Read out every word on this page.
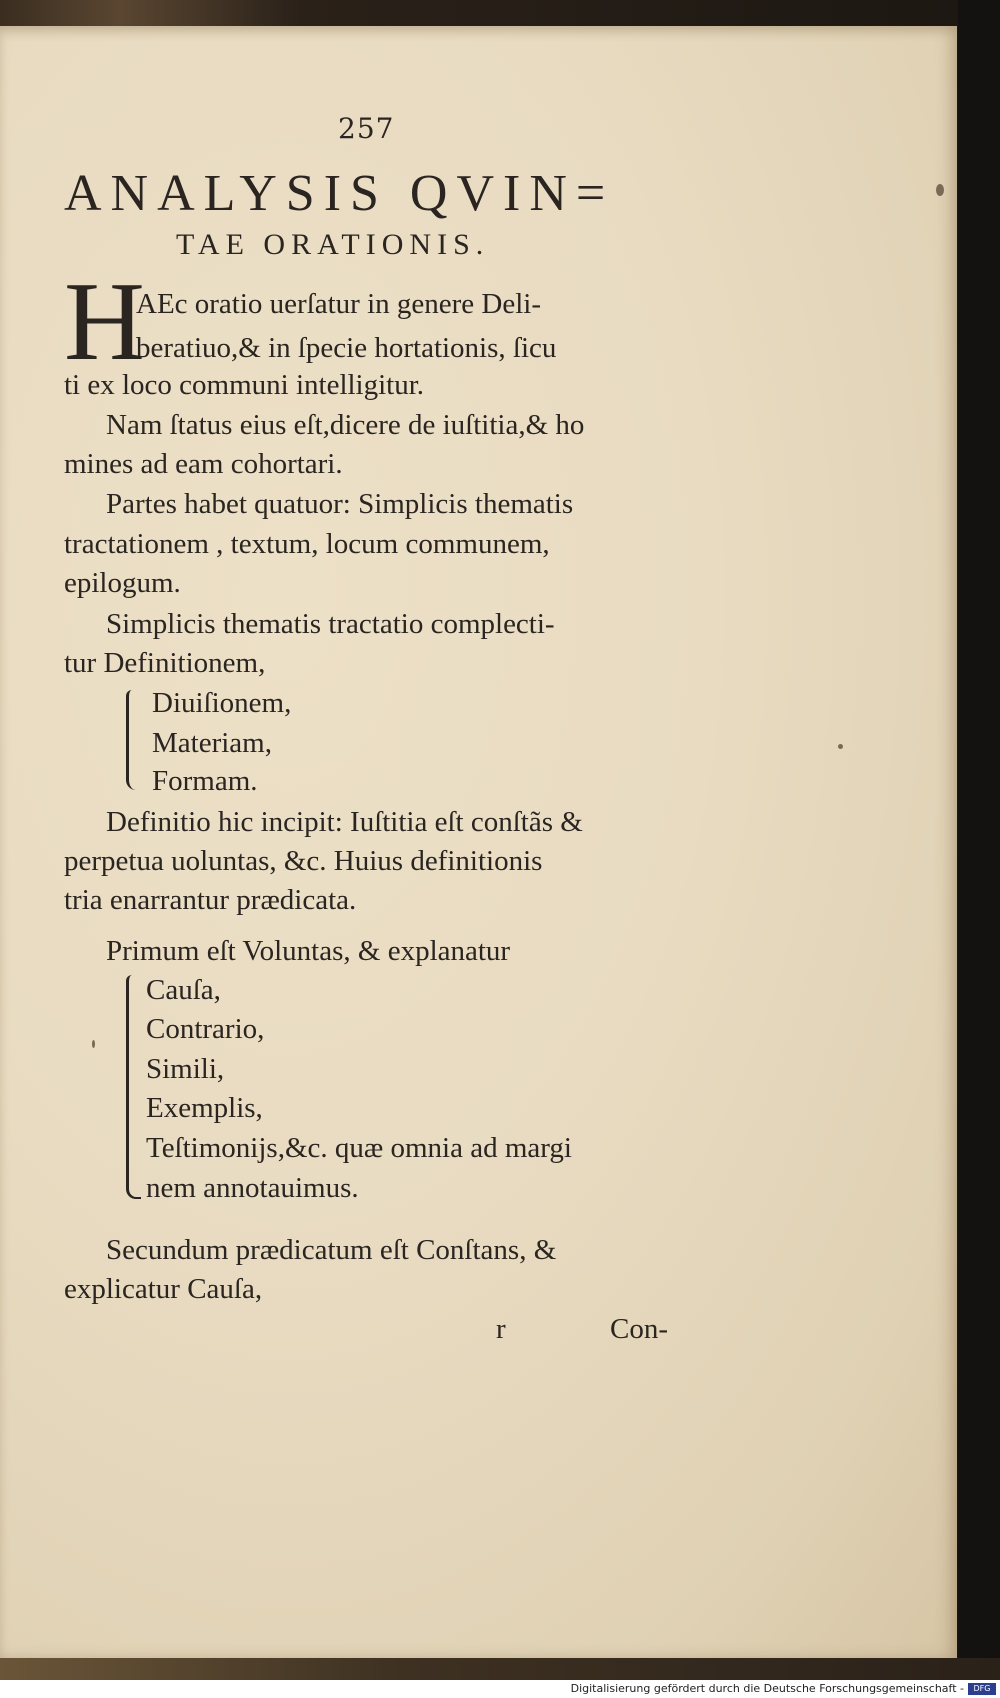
257
ANALYSIS QVIN=
TAE ORATIONIS.
H
AEc oratio uerſatur in genere Deli-
beratiuo,& in ſpecie hortationis, ſicu
ti ex loco communi intelligitur.
Nam ſtatus eius eſt,dicere de iuſtitia,& ho
mines ad eam cohortari.
Partes habet quatuor: Simplicis thematis
tractationem , textum, locum communem,
epilogum.
Simplicis thematis tractatio complecti-
tur Definitionem,
Diuiſionem,
Materiam,
Formam.
Definitio hic incipit: Iuſtitia eſt conſtãs &
perpetua uoluntas, &c. Huius definitionis
tria enarrantur prædicata.
Primum eſt Voluntas, & explanatur
Cauſa,
Contrario,
Simili,
Exemplis,
Teſtimonijs,&c. quæ omnia ad margi
nem annotauimus.
Secundum prædicatum eſt Conſtans, &
explicatur Cauſa,
r	Con-
Digitalisierung gefördert durch die Deutsche Forschungsgemeinschaft -	DFG
